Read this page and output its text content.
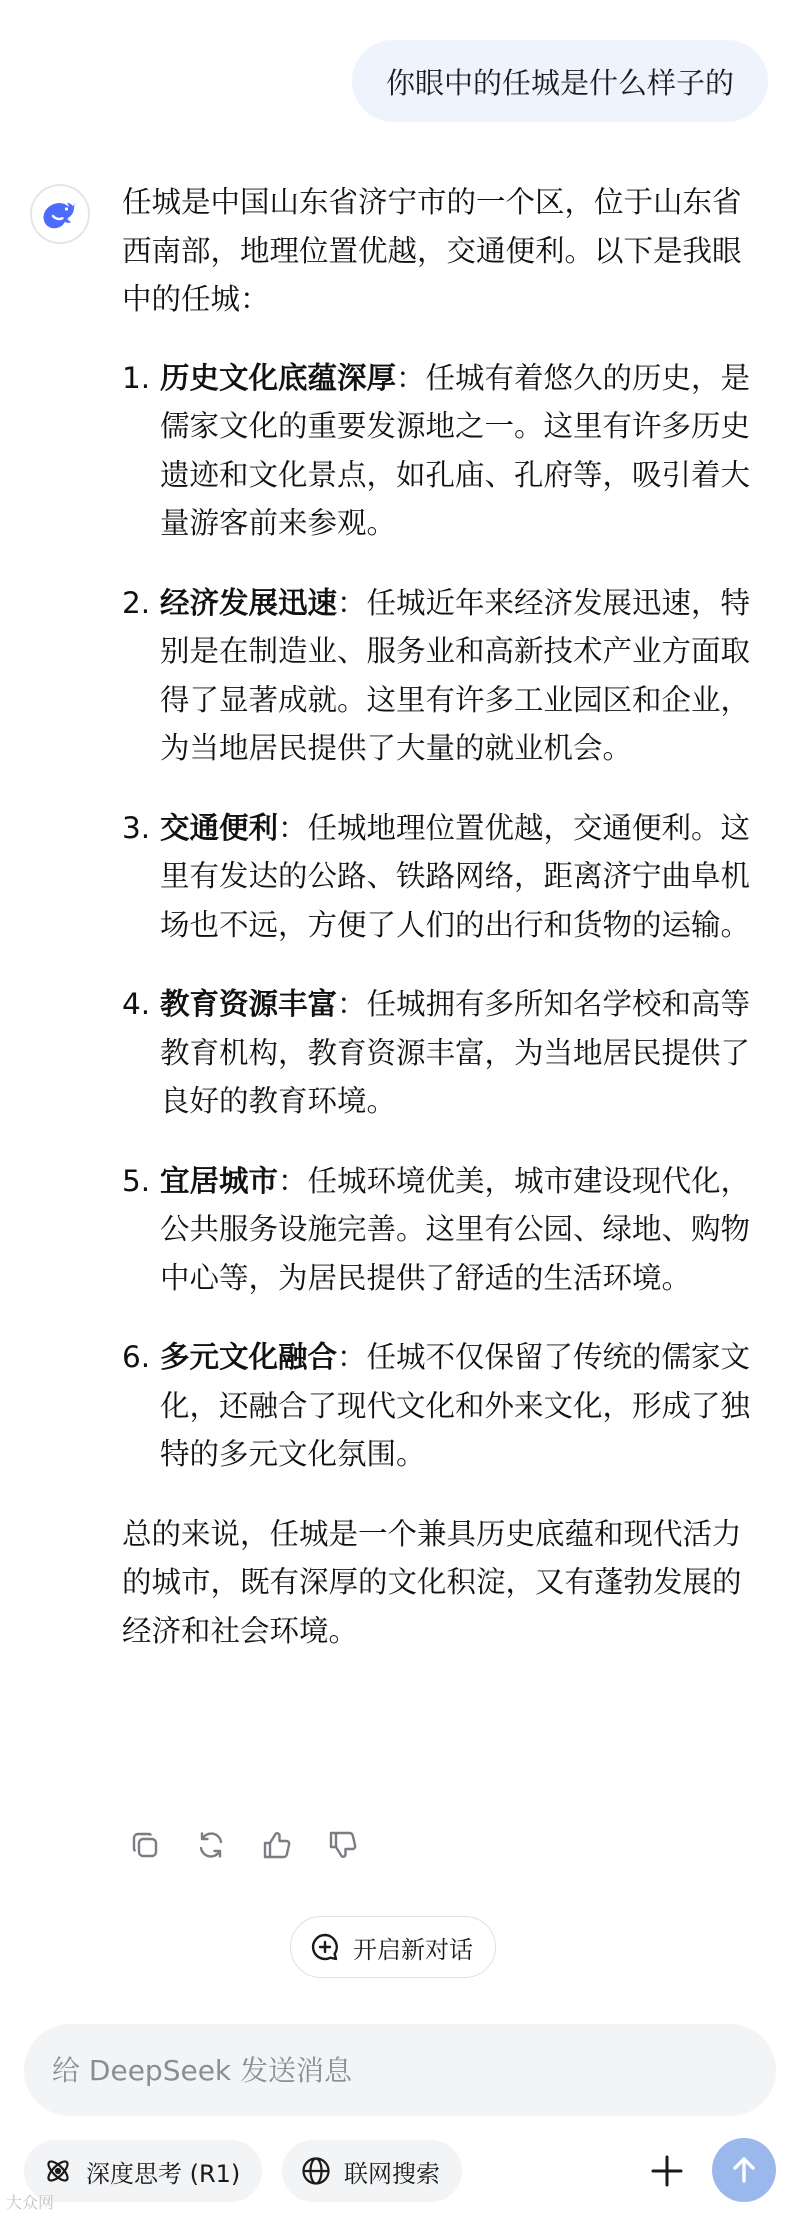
你眼中的任城是什么样子的

任城是中国山东省济宁市的一个区，位于山东省西南部，地理位置优越，交通便利。以下是我眼中的任城：

1. 历史文化底蕴深厚：任城有着悠久的历史，是儒家文化的重要发源地之一。这里有许多历史遗迹和文化景点，如孔庙、孔府等，吸引着大量游客前来参观。
2. 经济发展迅速：任城近年来经济发展迅速，特别是在制造业、服务业和高新技术产业方面取得了显著成就。这里有许多工业园区和企业，为当地居民提供了大量的就业机会。
3. 交通便利：任城地理位置优越，交通便利。这里有发达的公路、铁路网络，距离济宁曲阜机场也不远，方便了人们的出行和货物的运输。
4. 教育资源丰富：任城拥有多所知名学校和高等教育机构，教育资源丰富，为当地居民提供了良好的教育环境。
5. 宜居城市：任城环境优美，城市建设现代化，公共服务设施完善。这里有公园、绿地、购物中心等，为居民提供了舒适的生活环境。
6. 多元文化融合：任城不仅保留了传统的儒家文化，还融合了现代文化和外来文化，形成了独特的多元文化氛围。

总的来说，任城是一个兼具历史底蕴和现代活力的城市，既有深厚的文化积淀，又有蓬勃发展的经济和社会环境。

开启新对话
给 DeepSeek 发送消息
深度思考 (R1)	联网搜索
大众网
